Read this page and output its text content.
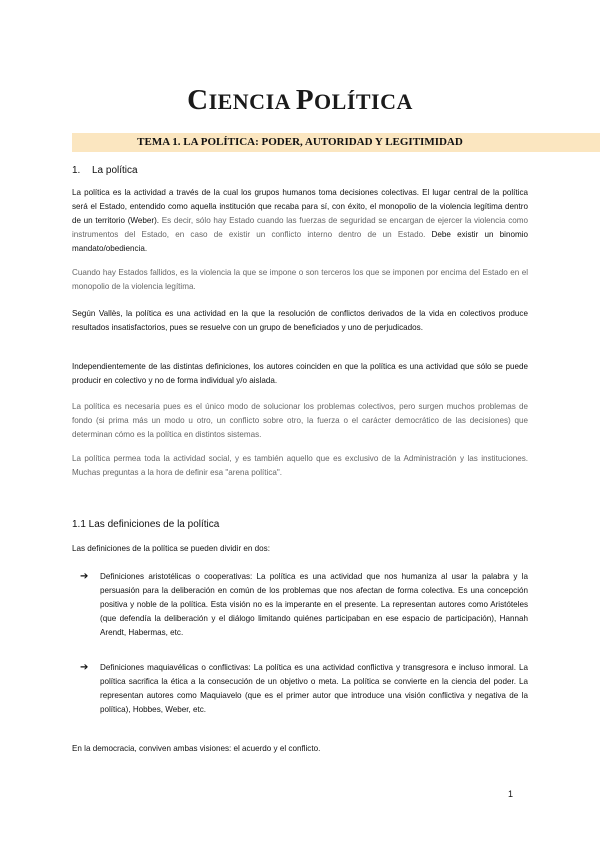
CIENCIA POLÍTICA
TEMA 1. LA POLÍTICA: PODER, AUTORIDAD Y LEGITIMIDAD
1. La política
La política es la actividad a través de la cual los grupos humanos toma decisiones colectivas. El lugar central de la política será el Estado, entendido como aquella institución que recaba para sí, con éxito, el monopolio de la violencia legítima dentro de un territorio (Weber). Es decir, sólo hay Estado cuando las fuerzas de seguridad se encargan de ejercer la violencia como instrumentos del Estado, en caso de existir un conflicto interno dentro de un Estado. Debe existir un binomio mandato/obediencia.
Cuando hay Estados fallidos, es la violencia la que se impone o son terceros los que se imponen por encima del Estado en el monopolio de la violencia legítima.
Según Vallès, la política es una actividad en la que la resolución de conflictos derivados de la vida en colectivos produce resultados insatisfactorios, pues se resuelve con un grupo de beneficiados y uno de perjudicados.
Independientemente de las distintas definiciones, los autores coinciden en que la política es una actividad que sólo se puede producir en colectivo y no de forma individual y/o aislada.
La política es necesaria pues es el único modo de solucionar los problemas colectivos, pero surgen muchos problemas de fondo (si prima más un modo u otro, un conflicto sobre otro, la fuerza o el carácter democrático de las decisiones) que determinan cómo es la política en distintos sistemas.
La política permea toda la actividad social, y es también aquello que es exclusivo de la Administración y las instituciones. Muchas preguntas a la hora de definir esa "arena política".
1.1 Las definiciones de la política
Las definiciones de la política se pueden dividir en dos:
➔ Definiciones aristotélicas o cooperativas: La política es una actividad que nos humaniza al usar la palabra y la persuasión para la deliberación en común de los problemas que nos afectan de forma colectiva. Es una concepción positiva y noble de la política. Esta visión no es la imperante en el presente. La representan autores como Aristóteles (que defendía la deliberación y el diálogo limitando quiénes participaban en ese espacio de participación), Hannah Arendt, Habermas, etc.
➔ Definiciones maquiavélicas o conflictivas: La política es una actividad conflictiva y transgresora e incluso inmoral. La política sacrifica la ética a la consecución de un objetivo o meta. La política se convierte en la ciencia del poder. La representan autores como Maquiavelo (que es el primer autor que introduce una visión conflictiva y negativa de la política), Hobbes, Weber, etc.
En la democracia, conviven ambas visiones: el acuerdo y el conflicto.
1
